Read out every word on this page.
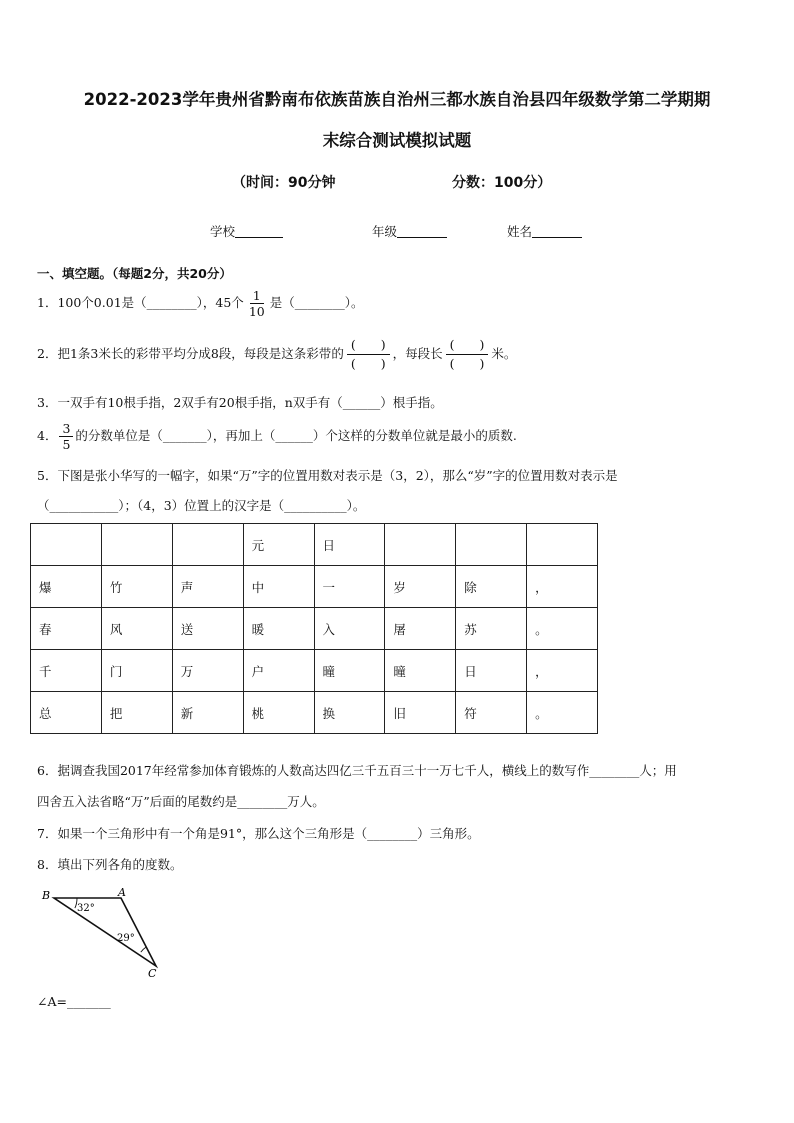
2022-2023学年贵州省黔南布依族苗族自治州三都水族自治县四年级数学第二学期期
末综合测试模拟试题
（时间：90分钟	分数：100分）
学校	年级	姓名
一、填空题。（每题2分，共20分）
1．100个0.01是（________），45个 $\frac{1}{10}$ 是（________）。
2．把1条3米长的彩带平均分成8段，每段是这条彩带的 $\frac{( )}{( )}$ ，每段长 $\frac{( )}{( )}$ 米。
3．一双手有10根手指，2双手有20根手指，n双手有（______）根手指。
4． $\frac{3}{5}$ 的分数单位是（_______），再加上（______）个这样的分数单位就是最小的质数.
5．下图是张小华写的一幅字，如果“万”字的位置用数对表示是（3，2），那么“岁”字的位置用数对表示是
（___________）；（4，3）位置上的汉字是（__________）。
			元	日			
爆	竹	声	中	一	岁	除	，
春	风	送	暖	入	屠	苏	。
千	门	万	户	曈	曈	日	，
总	把	新	桃	换	旧	符	。
6．据调查我国2017年经常参加体育锻炼的人数高达四亿三千五百三十一万七千人，横线上的数写作________人；用
四舍五入法省略“万”后面的尾数约是________万人。
7．如果一个三角形中有一个角是91°，那么这个三角形是（________）三角形。
8．填出下列各角的度数。
B	A
C
32°
29°
∠A=_______
